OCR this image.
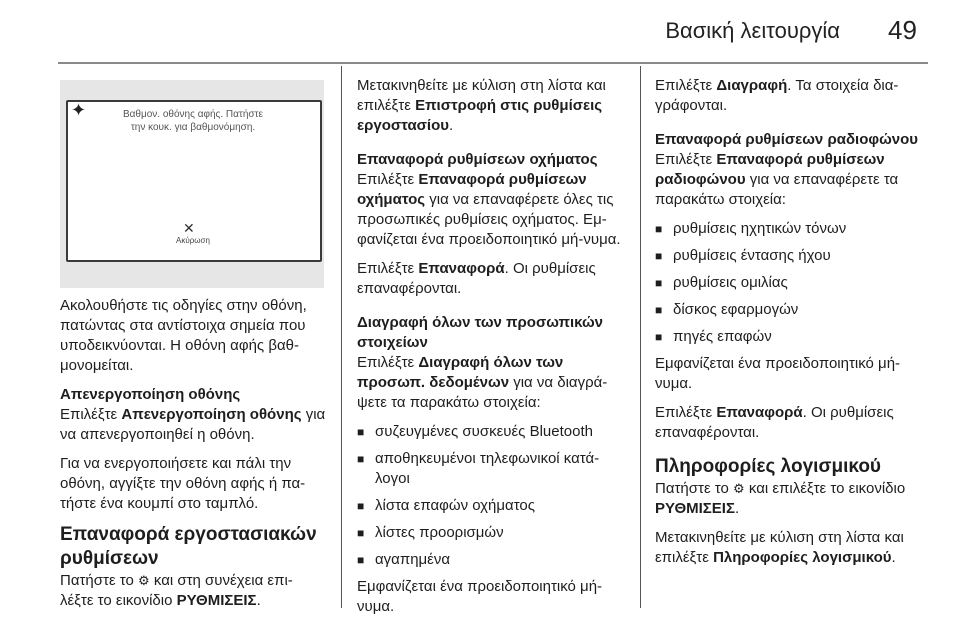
Βασική λειτουργία 49
✦	Βαθμον. οθόνης αφής. Πατήστε
την κουκ. για βαθμονόμηση.
✕
Ακύρωση

Ακολουθήστε τις οδηγίες στην οθόνη, πατώντας στα αντίστοιχα σημεία που υποδεικνύονται. Η οθόνη αφής βαθ-μονομείται.

Απενεργοποίηση οθόνης
Επιλέξτε Απενεργοποίηση οθόνης για να απενεργοποιηθεί η οθόνη.

Για να ενεργοποιήσετε και πάλι την οθόνη, αγγίξτε την οθόνη αφής ή πα-τήστε ένα κουμπί στο ταμπλό.

Επαναφορά εργοστασιακών ρυθμίσεων
Πατήστε το ⚙ και στη συνέχεια επι-λέξτε το εικονίδιο ΡΥΘΜΙΣΕΙΣ.

Μετακινηθείτε με κύλιση στη λίστα και επιλέξτε Επιστροφή στις ρυθμίσεις εργοστασίου.

Επαναφορά ρυθμίσεων οχήματος
Επιλέξτε Επαναφορά ρυθμίσεων οχήματος για να επαναφέρετε όλες τις προσωπικές ρυθμίσεις οχήματος. Εμ-φανίζεται ένα προειδοποιητικό μή-νυμα.

Επιλέξτε Επαναφορά. Οι ρυθμίσεις επαναφέρονται.

Διαγραφή όλων των προσωπικών στοιχείων
Επιλέξτε Διαγραφή όλων των προσωπ. δεδομένων για να διαγρά-ψετε τα παρακάτω στοιχεία:

■ συζευγμένες συσκευές Bluetooth
■ αποθηκευμένοι τηλεφωνικοί κατά-λογοι
■ λίστα επαφών οχήματος
■ λίστες προορισμών
■ αγαπημένα

Εμφανίζεται ένα προειδοποιητικό μή-νυμα.

Επιλέξτε Διαγραφή. Τα στοιχεία δια-γράφονται.

Επαναφορά ρυθμίσεων ραδιοφώνου
Επιλέξτε Επαναφορά ρυθμίσεων ραδιοφώνου για να επαναφέρετε τα παρακάτω στοιχεία:

■ ρυθμίσεις ηχητικών τόνων
■ ρυθμίσεις έντασης ήχου
■ ρυθμίσεις ομιλίας
■ δίσκος εφαρμογών
■ πηγές επαφών

Εμφανίζεται ένα προειδοποιητικό μή-νυμα.

Επιλέξτε Επαναφορά. Οι ρυθμίσεις επαναφέρονται.

Πληροφορίες λογισμικού

Πατήστε το ⚙ και επιλέξτε το εικονίδιο ΡΥΘΜΙΣΕΙΣ.

Μετακινηθείτε με κύλιση στη λίστα και επιλέξτε Πληροφορίες λογισμικού.
